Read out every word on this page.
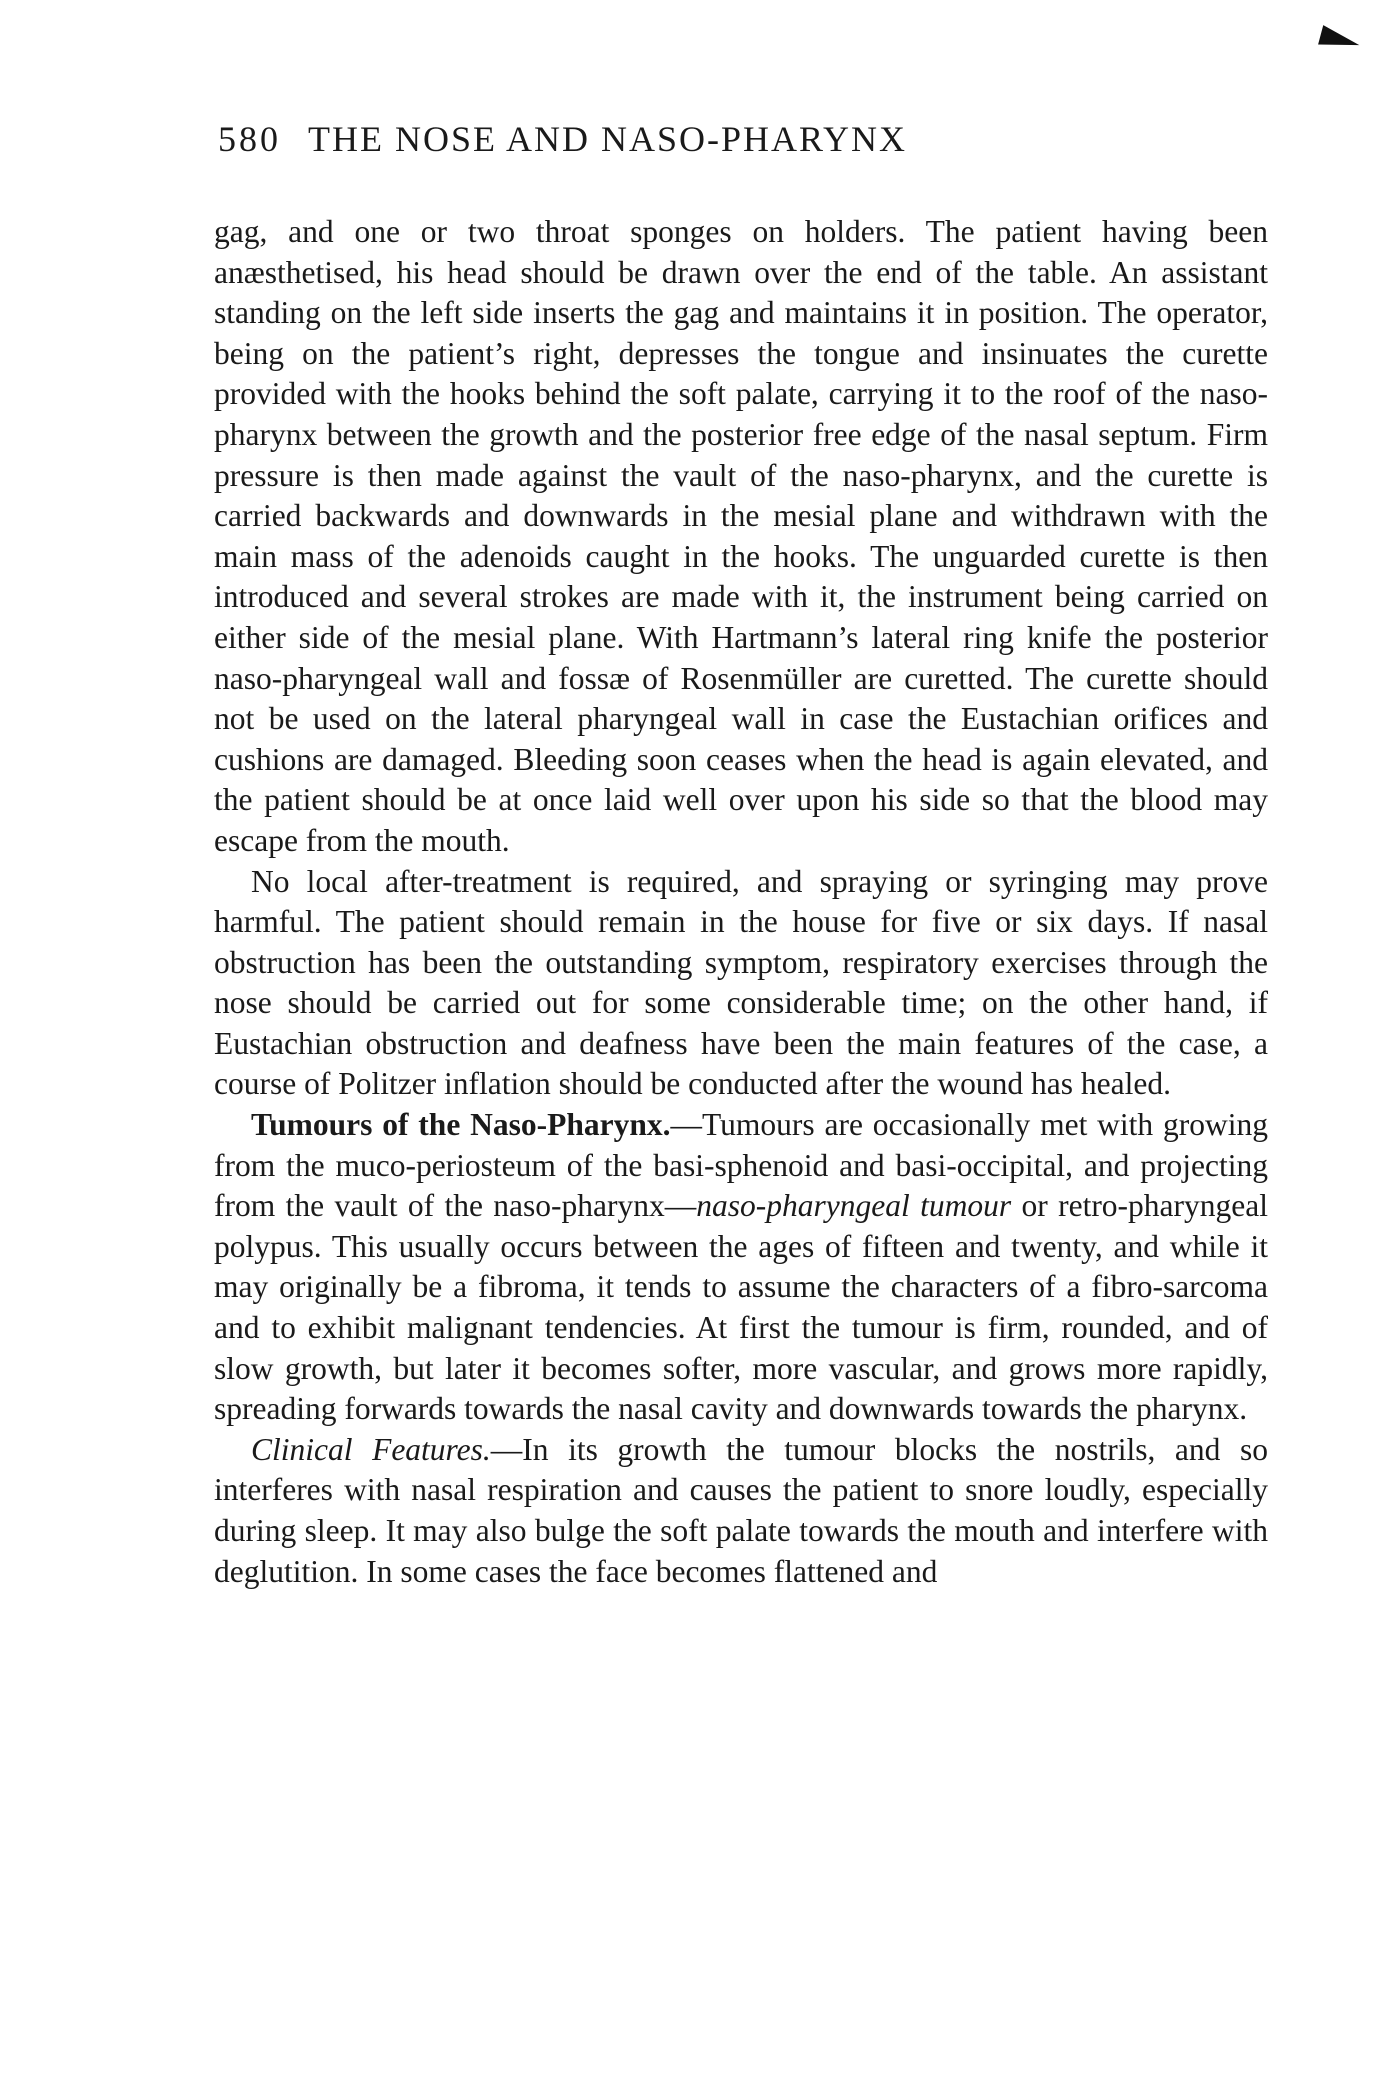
580 THE NOSE AND NASO-PHARYNX

gag, and one or two throat sponges on holders. The patient having been anæsthetised, his head should be drawn over the end of the table. An assistant standing on the left side inserts the gag and maintains it in position. The operator, being on the patient’s right, depresses the tongue and insinuates the curette provided with the hooks behind the soft palate, carrying it to the roof of the naso-pharynx between the growth and the posterior free edge of the nasal septum. Firm pressure is then made against the vault of the naso-pharynx, and the curette is carried backwards and downwards in the mesial plane and withdrawn with the main mass of the adenoids caught in the hooks. The unguarded curette is then introduced and several strokes are made with it, the instrument being carried on either side of the mesial plane. With Hartmann’s lateral ring knife the posterior naso-pharyngeal wall and fossæ of Rosenmüller are curetted. The curette should not be used on the lateral pharyngeal wall in case the Eustachian orifices and cushions are damaged. Bleeding soon ceases when the head is again elevated, and the patient should be at once laid well over upon his side so that the blood may escape from the mouth.

No local after-treatment is required, and spraying or syringing may prove harmful. The patient should remain in the house for five or six days. If nasal obstruction has been the outstanding symptom, respiratory exercises through the nose should be carried out for some considerable time; on the other hand, if Eustachian obstruction and deafness have been the main features of the case, a course of Politzer inflation should be conducted after the wound has healed.

Tumours of the Naso-Pharynx.—Tumours are occasionally met with growing from the muco-periosteum of the basi-sphenoid and basi-occipital, and projecting from the vault of the naso-pharynx—naso-pharyngeal tumour or retro-pharyngeal polypus. This usually occurs between the ages of fifteen and twenty, and while it may originally be a fibroma, it tends to assume the characters of a fibro-sarcoma and to exhibit malignant tendencies. At first the tumour is firm, rounded, and of slow growth, but later it becomes softer, more vascular, and grows more rapidly, spreading forwards towards the nasal cavity and downwards towards the pharynx.

Clinical Features.—In its growth the tumour blocks the nostrils, and so interferes with nasal respiration and causes the patient to snore loudly, especially during sleep. It may also bulge the soft palate towards the mouth and interfere with deglutition. In some cases the face becomes flattened and
